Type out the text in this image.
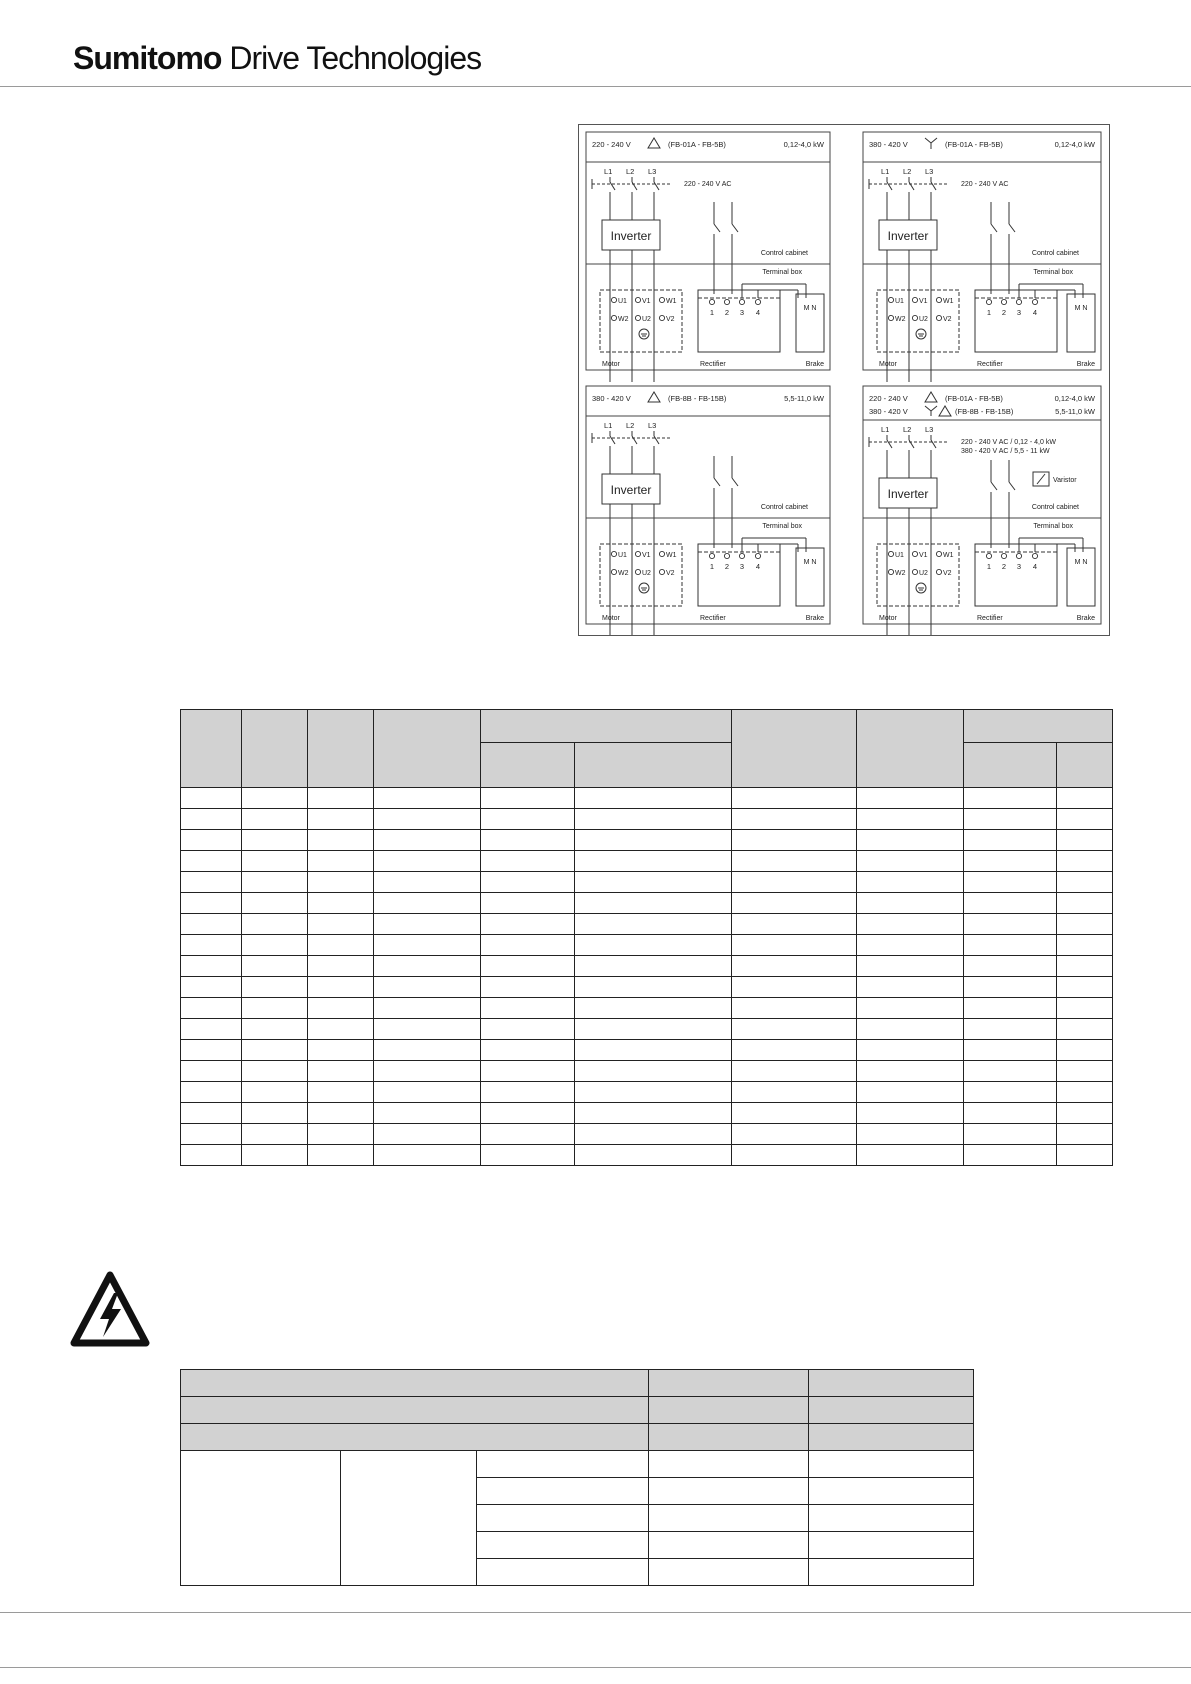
Sumitomo Drive Technologies
220 - 240 V	(FB-01A - FB-5B)	0,12-4,0 kW
L1 L2 L3
Inverter
220 - 240 V AC
Control cabinet
Terminal box
U1
W2
V1
U2
W1
V2
Motor
1 2 3 4
Rectifier
M N
Brake
380 - 420 V	(FB-01A - FB-5B)	0,12-4,0 kW
L1 L2 L3
Inverter
220 - 240 V AC
Control cabinet
Terminal box
U1
W2
V1
U2
W1
V2
Motor
1 2 3 4
Rectifier
M N
Brake
380 - 420 V	(FB-8B - FB-15B)	5,5-11,0 kW
L1 L2 L3
Inverter
Control cabinet
Terminal box
U1
W2
V1
U2
W1
V2
Motor
1 2 3 4
Rectifier
M N
Brake
220 - 240 V	(FB-01A - FB-5B)	0,12-4,0 kW
380 - 420 V	(FB-8B - FB-15B)	5,5-11,0 kW
L1 L2 L3
Inverter
220 - 240 V AC / 0,12 - 4,0 kW
380 - 420 V AC / 5,5 - 11 kW
Varistor
Control cabinet
Terminal box
U1
W2
V1
U2
W1
V2
Motor
1 2 3 4
Rectifier
M N
Brake
